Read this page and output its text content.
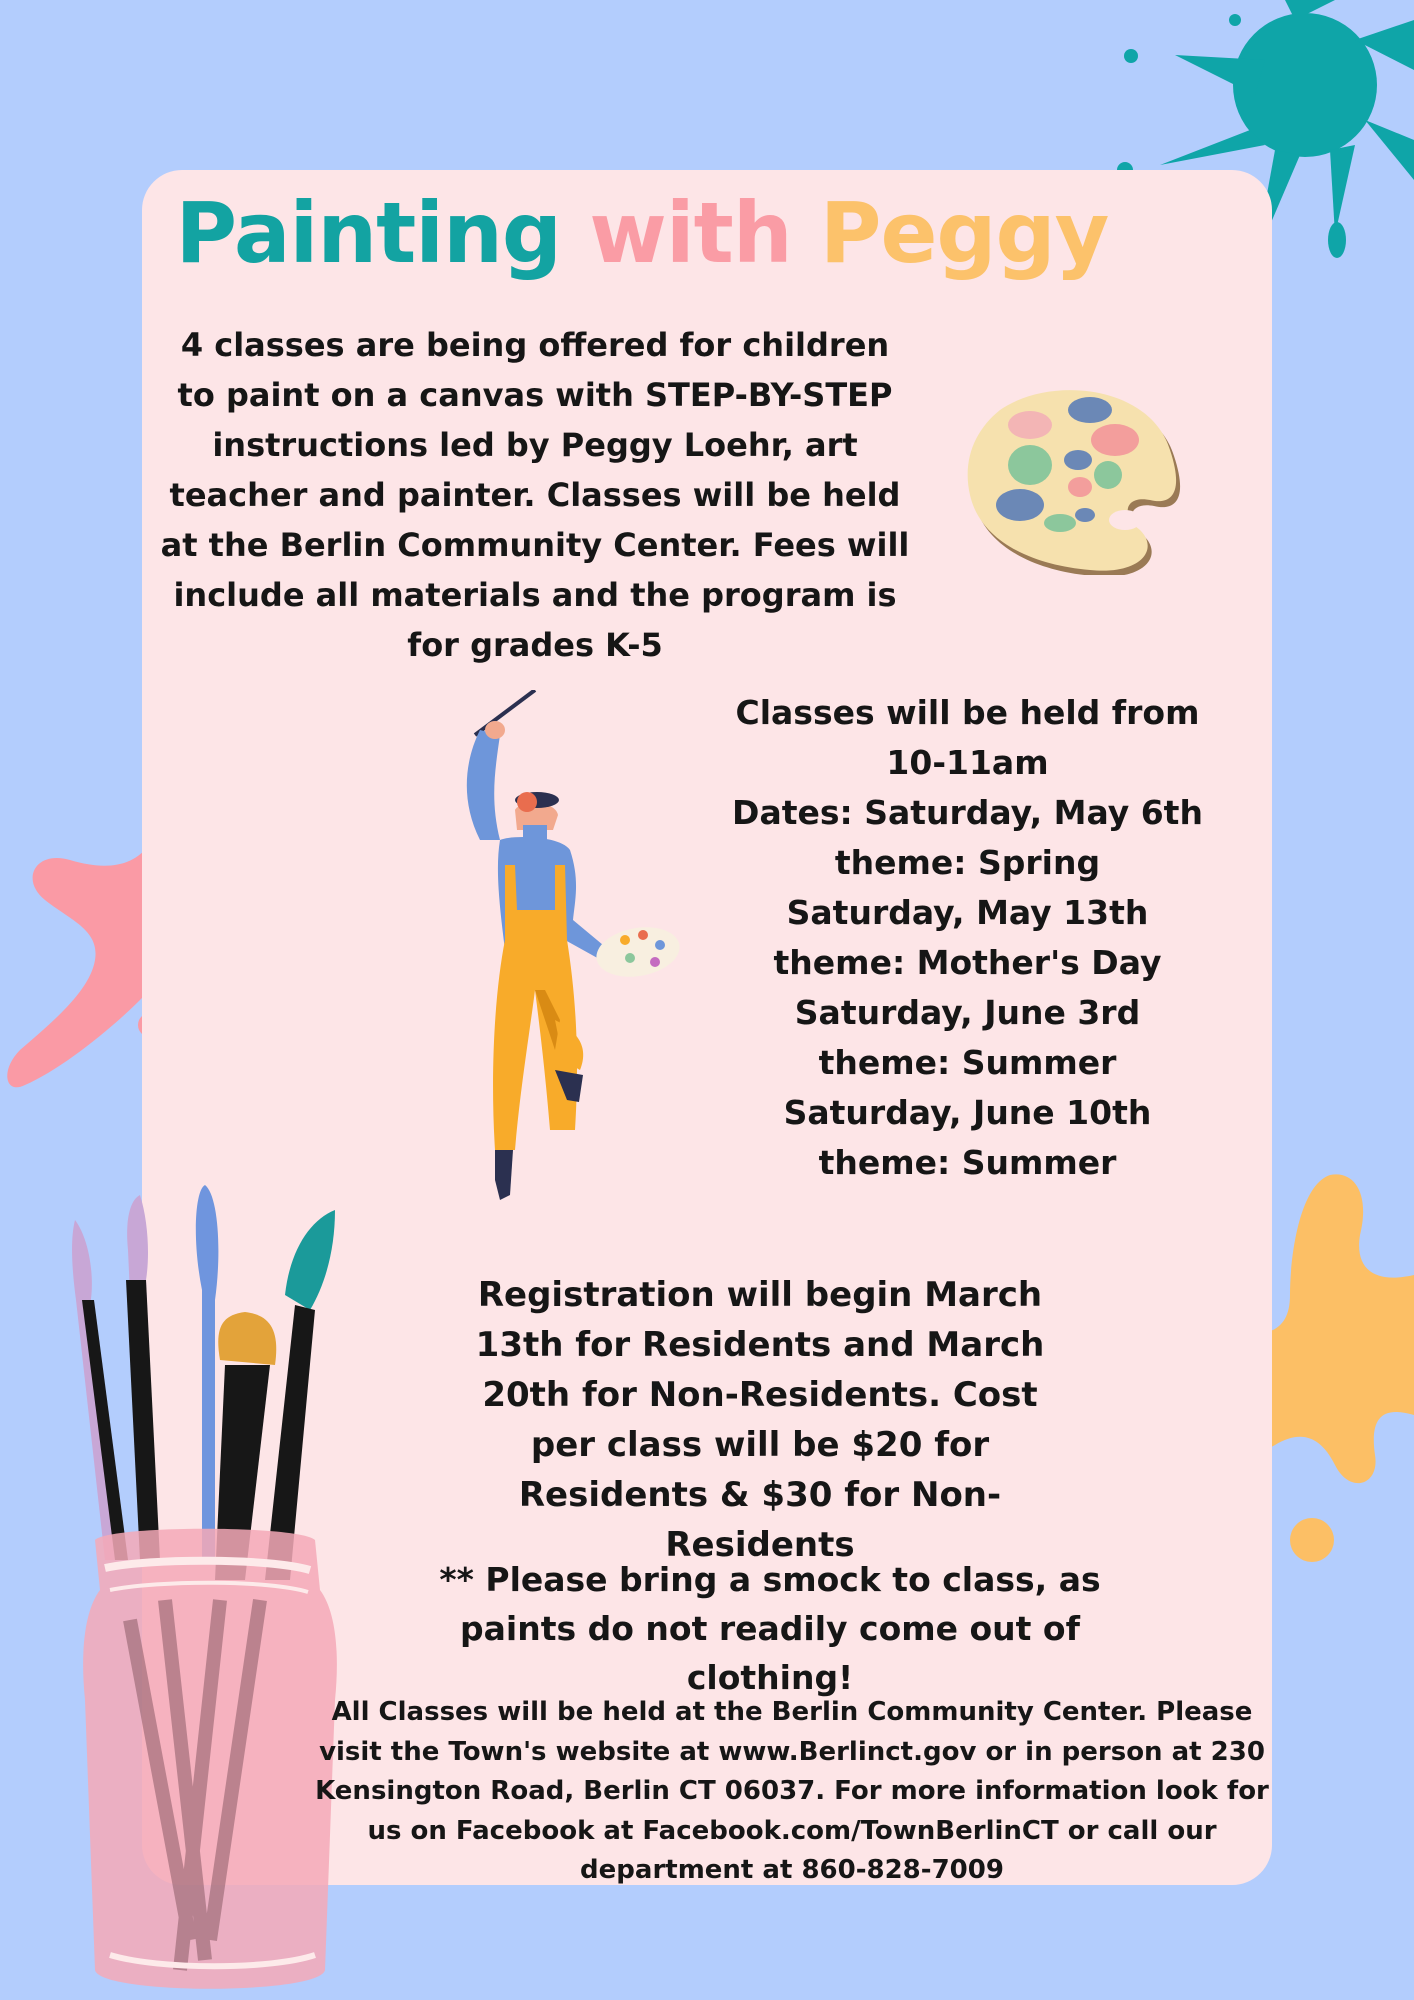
Painting with Peggy

4 classes are being offered for children to paint on a canvas with STEP-BY-STEP instructions led by Peggy Loehr, art teacher and painter. Classes will be held at the Berlin Community Center. Fees will include all materials and the program is for grades K-5

Classes will be held from
10-11am
Dates: Saturday, May 6th
theme: Spring
Saturday, May 13th
theme: Mother's Day
Saturday, June 3rd
theme: Summer
Saturday, June 10th
theme: Summer

Registration will begin March 13th for Residents and March 20th for Non-Residents. Cost per class will be $20 for Residents & $30 for Non-Residents

** Please bring a smock to class, as paints do not readily come out of clothing!

All Classes will be held at the Berlin Community Center. Please visit the Town's website at www.Berlinct.gov or in person at 230 Kensington Road, Berlin CT 06037. For more information look for us on Facebook at Facebook.com/TownBerlinCT or call our department at 860-828-7009
